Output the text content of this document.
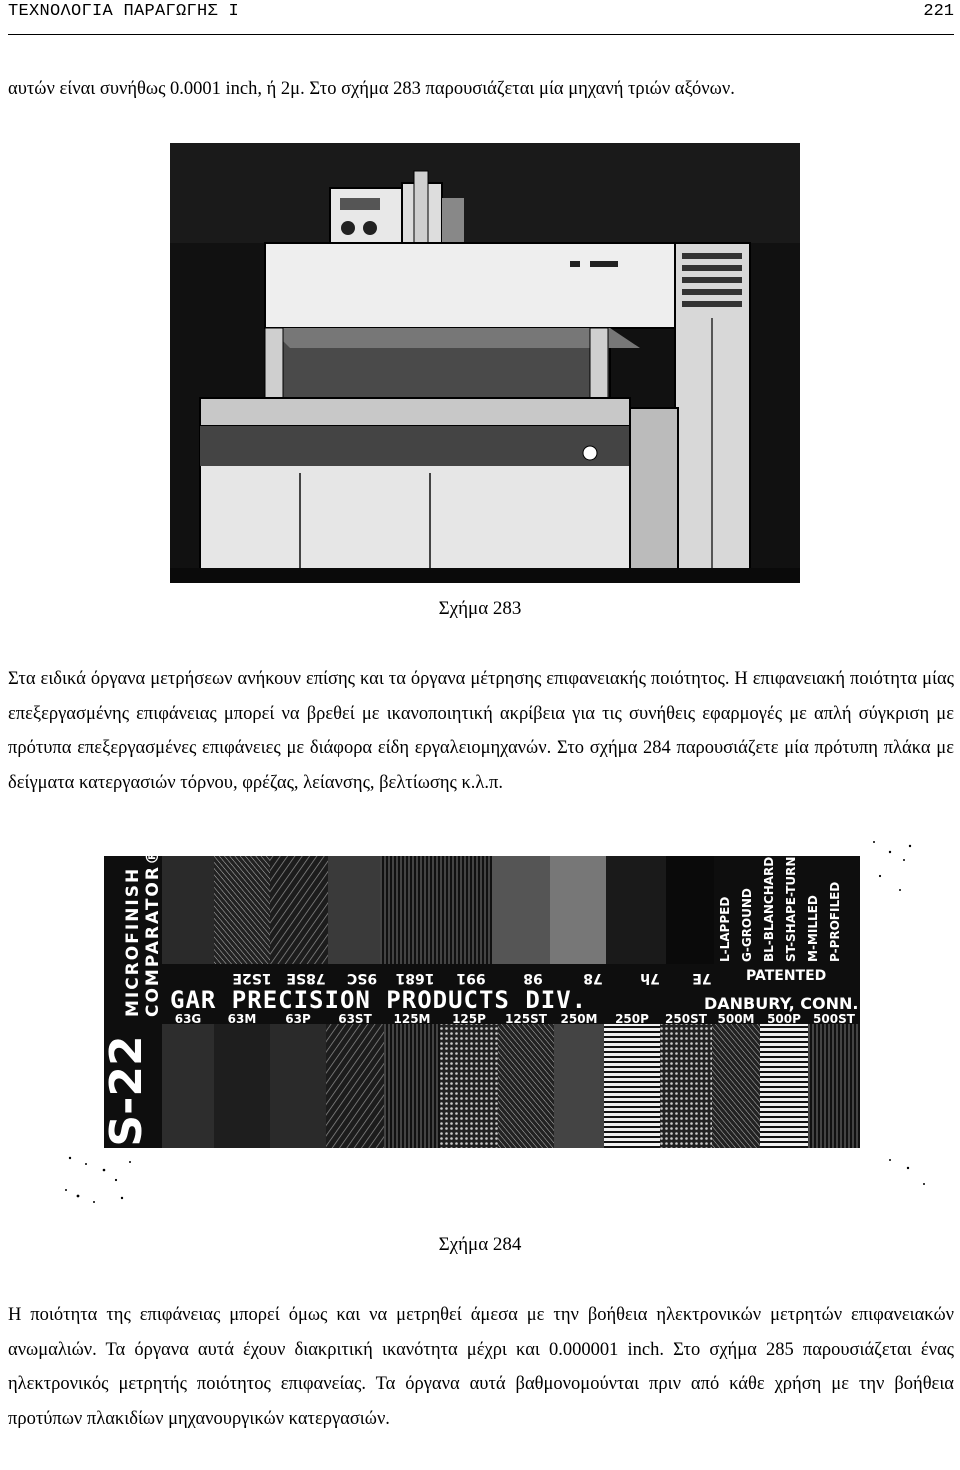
ΤΕΧΝΟΛΟΓΙΑ ΠΑΡΑΓΩΓΗΣ Ι	221

αυτών είναι συνήθως 0.0001 inch, ή 2μ. Στο σχήμα 283 παρουσιάζεται μία μηχανή τριών αξόνων.

Σχήμα 283

Στα ειδικά όργανα μετρήσεων ανήκουν επίσης και τα όργανα μέτρησης επιφανειακής ποιότητος. Η επιφανειακή ποιότητα μίας επεξεργασμένης επιφάνειας μπορεί να βρεθεί με ικανοποιητική ακρίβεια για τις συνήθεις εφαρμογές με απλή σύγκριση με πρότυπα επεξεργασμένες επιφάνειες με διάφορα είδη εργαλειομηχανών. Στο σχήμα 284 παρουσιάζετε μία πρότυπη πλάκα με δείγματα κατεργασιών τόρνου, φρέζας, λείανσης, βελτίωσης κ.λ.π.

MICROFINISH COMPARATOR®
S-22
7E
7h
78
98
991
1681
9SC
78SE
1S2E
L-LAPPED G-GROUND BL-BLANCHARD ST-SHAPE-TURN M-MILLED P-PROFILED
PATENTED
GAR PRECISION PRODUCTS DIV.	DANBURY, CONN.
63G	63M	63P	63ST	125M	125P	125ST	250M	250P	250ST 500M	500P	500ST
Σχήμα 284

Η ποιότητα της επιφάνειας μπορεί όμως και να μετρηθεί άμεσα με την βοήθεια ηλεκτρονικών μετρητών επιφανειακών ανωμαλιών. Τα όργανα αυτά έχουν διακριτική ικανότητα μέχρι και 0.000001 inch. Στο σχήμα 285 παρουσιάζεται ένας ηλεκτρονικός μετρητής ποιότητος επιφανείας. Τα όργανα αυτά βαθμονομούνται πριν από κάθε χρήση με την βοήθεια προτύπων πλακιδίων μηχανουργικών κατεργασιών.
